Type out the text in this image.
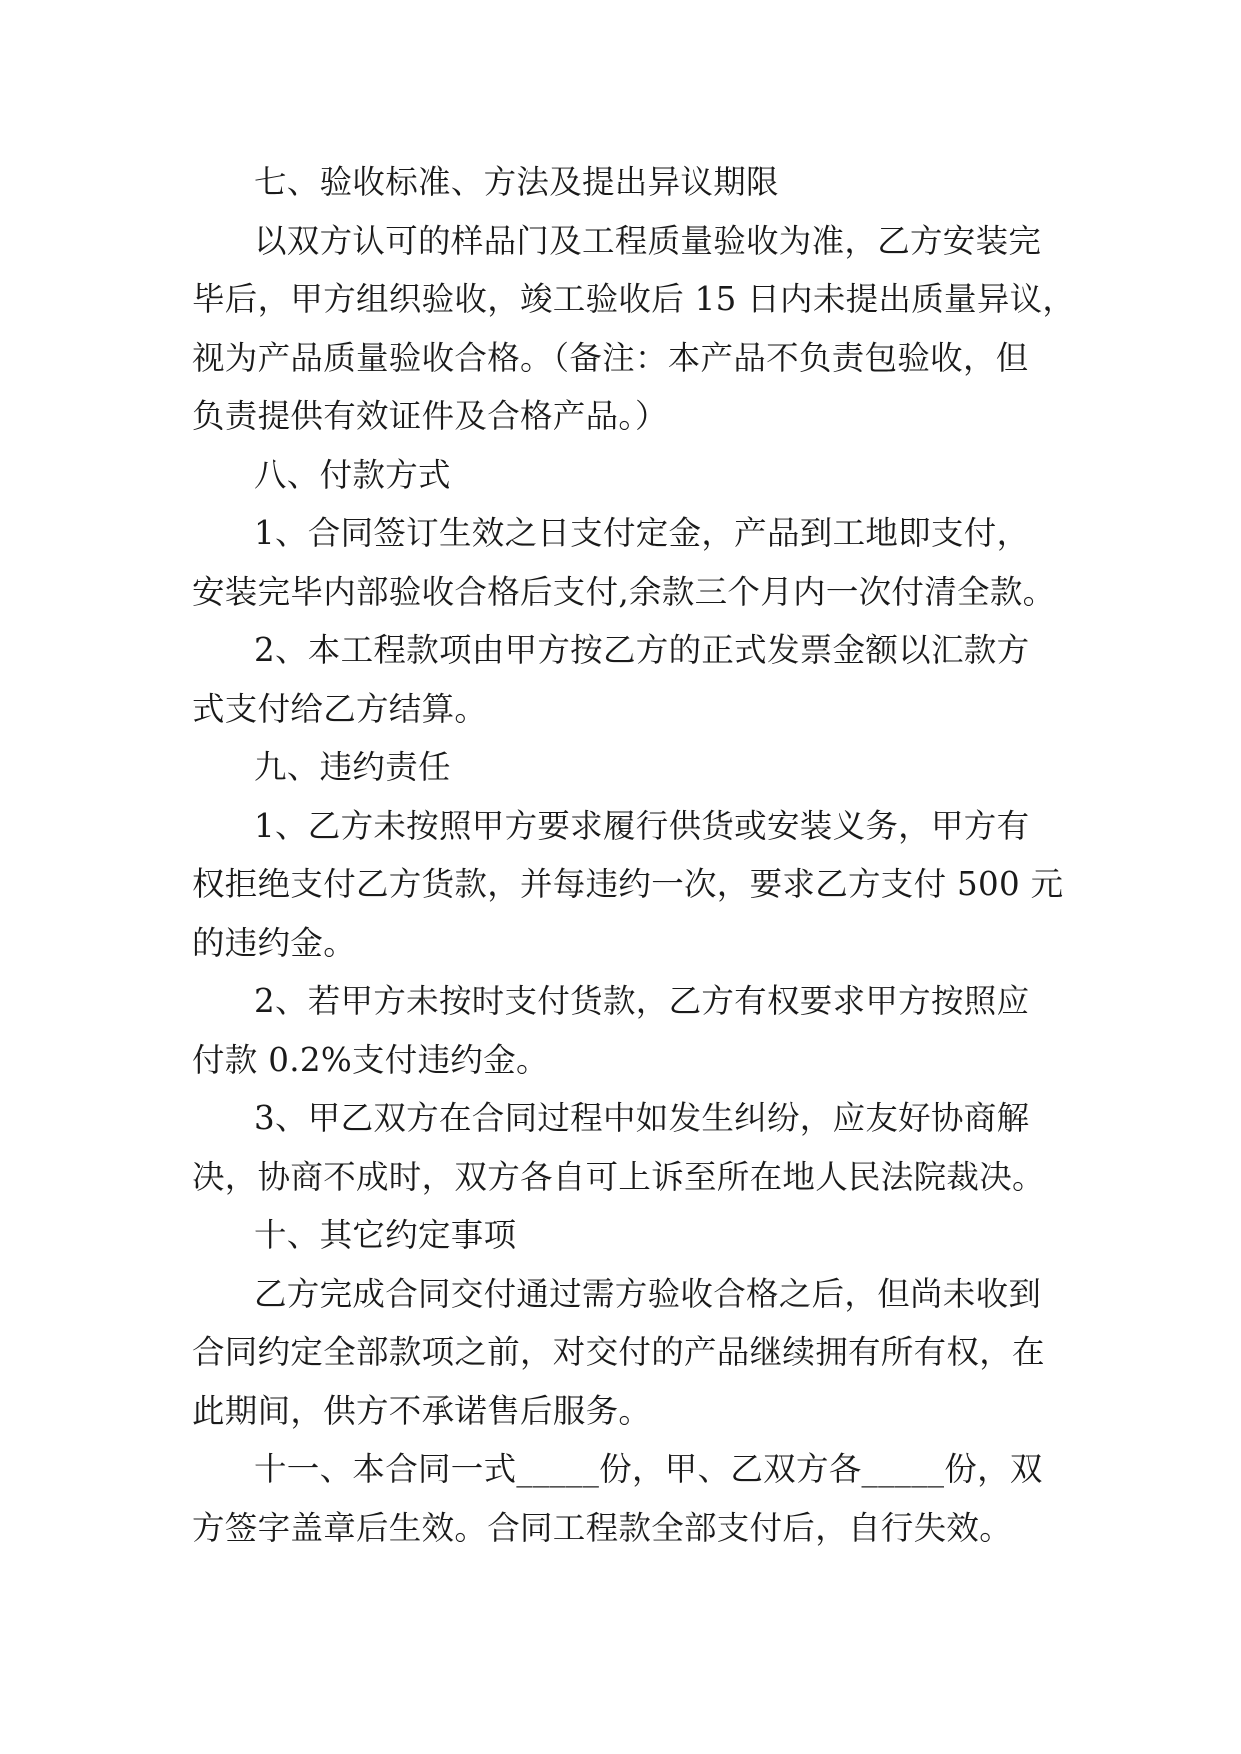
七、验收标准、方法及提出异议期限
以双方认可的样品门及工程质量验收为准，乙方安装完
毕后，甲方组织验收，竣工验收后 15 日内未提出质量异议，
视为产品质量验收合格。（备注：本产品不负责包验收，但
负责提供有效证件及合格产品。）
八、付款方式
1、合同签订生效之日支付定金，产品到工地即支付，
安装完毕内部验收合格后支付,余款三个月内一次付清全款。
2、本工程款项由甲方按乙方的正式发票金额以汇款方
式支付给乙方结算。
九、违约责任
1、乙方未按照甲方要求履行供货或安装义务，甲方有
权拒绝支付乙方货款，并每违约一次，要求乙方支付 500 元
的违约金。
2、若甲方未按时支付货款，乙方有权要求甲方按照应
付款 0.2%支付违约金。
3、甲乙双方在合同过程中如发生纠纷，应友好协商解
决，协商不成时，双方各自可上诉至所在地人民法院裁决。
十、其它约定事项
乙方完成合同交付通过需方验收合格之后，但尚未收到
合同约定全部款项之前，对交付的产品继续拥有所有权，在
此期间，供方不承诺售后服务。
十一、本合同一式_____份，甲、乙双方各_____份，双
方签字盖章后生效。合同工程款全部支付后，自行失效。
